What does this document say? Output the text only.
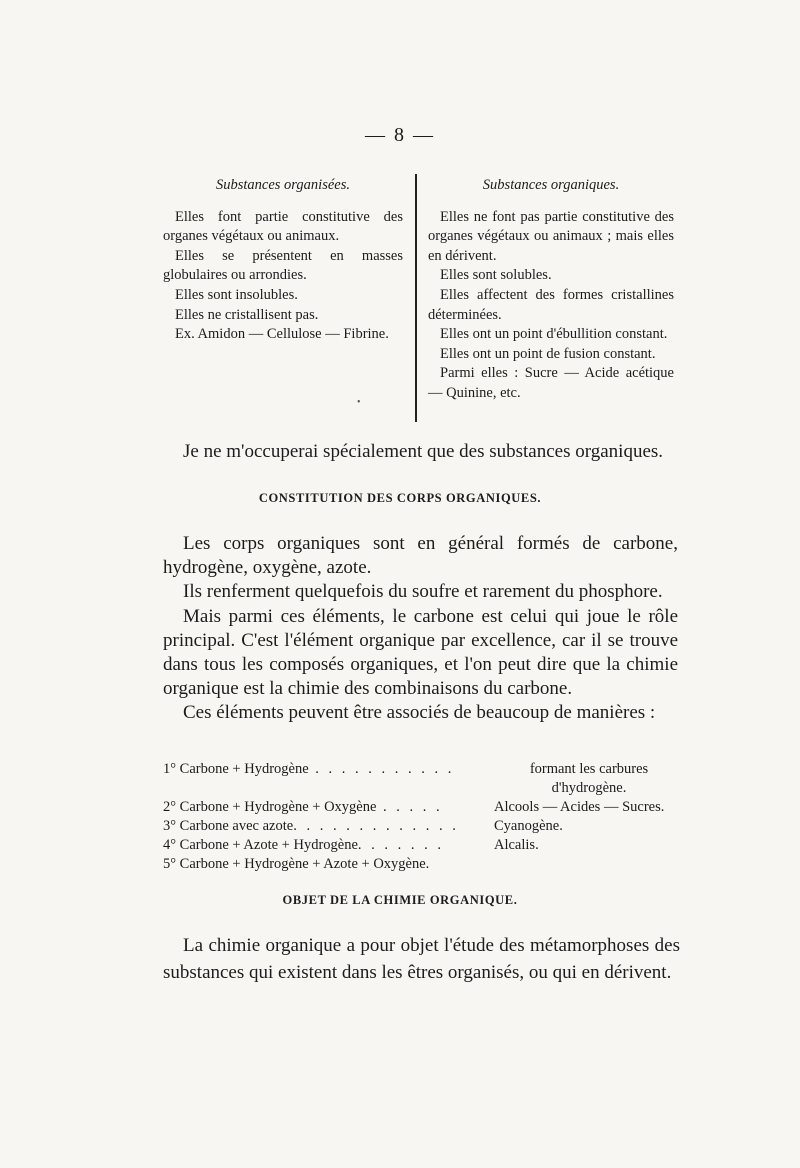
— 8 —
Substances organisées.

Elles font partie constitutive des organes végétaux ou animaux.

Elles se présentent en masses globulaires ou arrondies.

Elles sont insolubles.

Elles ne cristallisent pas.

Ex. Amidon — Cellulose — Fibrine.

•
Substances organiques.

Elles ne font pas partie constitutive des organes végétaux ou animaux ; mais elles en dérivent.

Elles sont solubles.

Elles affectent des formes cristallines déterminées.

Elles ont un point d'ébullition constant.

Elles ont un point de fusion constant.

Parmi elles : Sucre — Acide acétique — Quinine, etc.

Je ne m'occuperai spécialement que des substances organiques.

CONSTITUTION DES CORPS ORGANIQUES.

Les corps organiques sont en général formés de carbone, hydrogène, oxygène, azote.

Ils renferment quelquefois du soufre et rarement du phosphore.

Mais parmi ces éléments, le carbone est celui qui joue le rôle principal. C'est l'élément organique par excellence, car il se trouve dans tous les composés organiques, et l'on peut dire que la chimie organique est la chimie des combinaisons du carbone.

Ces éléments peuvent être associés de beaucoup de manières :

1° Carbone + Hydrogène . . . . . . . . . . .	formant les carbures d'hydrogène.
2° Carbone + Hydrogène + Oxygène . . . . .	Alcools — Acides — Sucres.
3° Carbone avec azote. . . . . . . . . . . . .	Cyanogène.
4° Carbone + Azote + Hydrogène. . . . . . .	Alcalis.
5° Carbone + Hydrogène + Azote + Oxygène.
OBJET DE LA CHIMIE ORGANIQUE.

La chimie organique a pour objet l'étude des métamorphoses des substances qui existent dans les êtres organisés, ou qui en dérivent.
